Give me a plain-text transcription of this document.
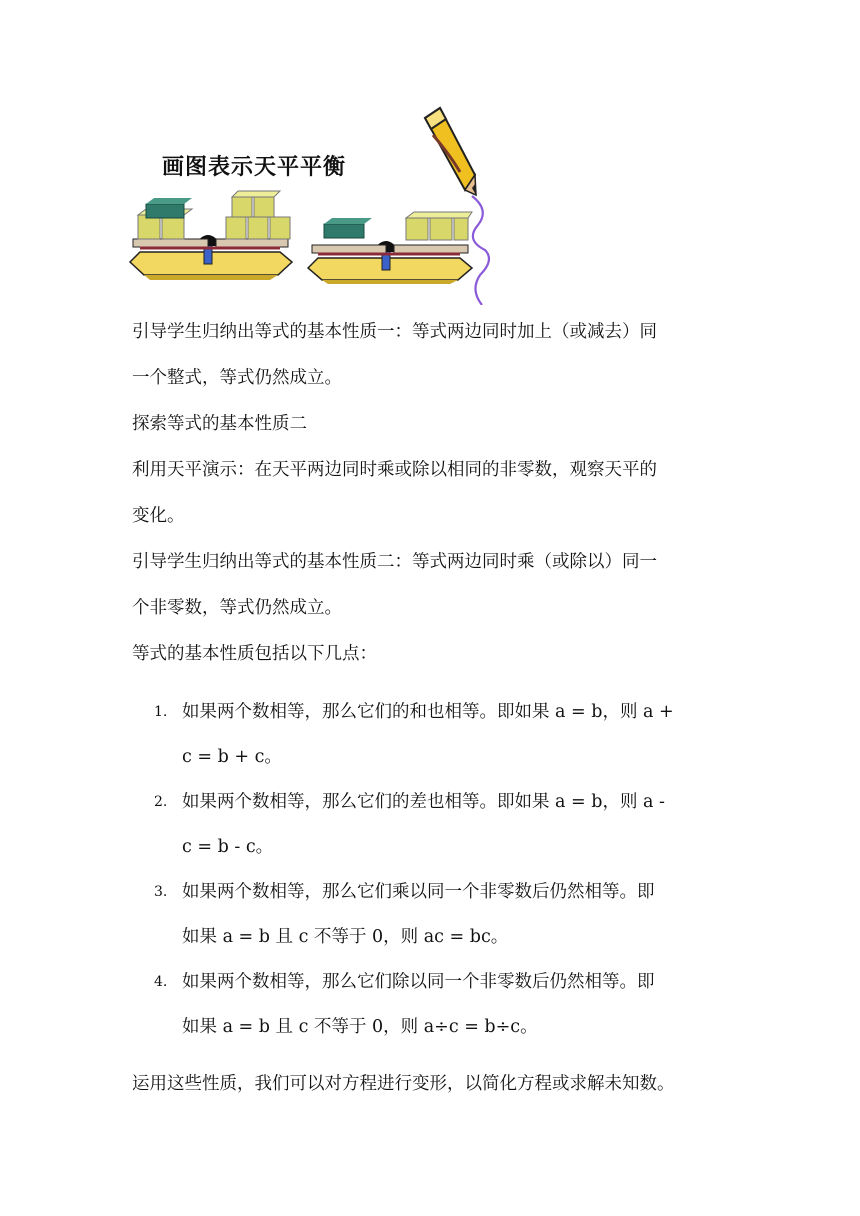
画图表示天平平衡

引导学生归纳出等式的基本性质一：等式两边同时加上（或减去）同

一个整式，等式仍然成立。

探索等式的基本性质二

利用天平演示：在天平两边同时乘或除以相同的非零数，观察天平的

变化。

引导学生归纳出等式的基本性质二：等式两边同时乘（或除以）同一

个非零数，等式仍然成立。

等式的基本性质包括以下几点：

1. 如果两个数相等，那么它们的和也相等。即如果 a = b，则 a +
c = b + c。
2. 如果两个数相等，那么它们的差也相等。即如果 a = b，则 a -
c = b - c。
3. 如果两个数相等，那么它们乘以同一个非零数后仍然相等。即
如果 a = b 且 c 不等于 0，则 ac = bc。
4. 如果两个数相等，那么它们除以同一个非零数后仍然相等。即
如果 a = b 且 c 不等于 0，则 a÷c = b÷c。
运用这些性质，我们可以对方程进行变形，以简化方程或求解未知数。
